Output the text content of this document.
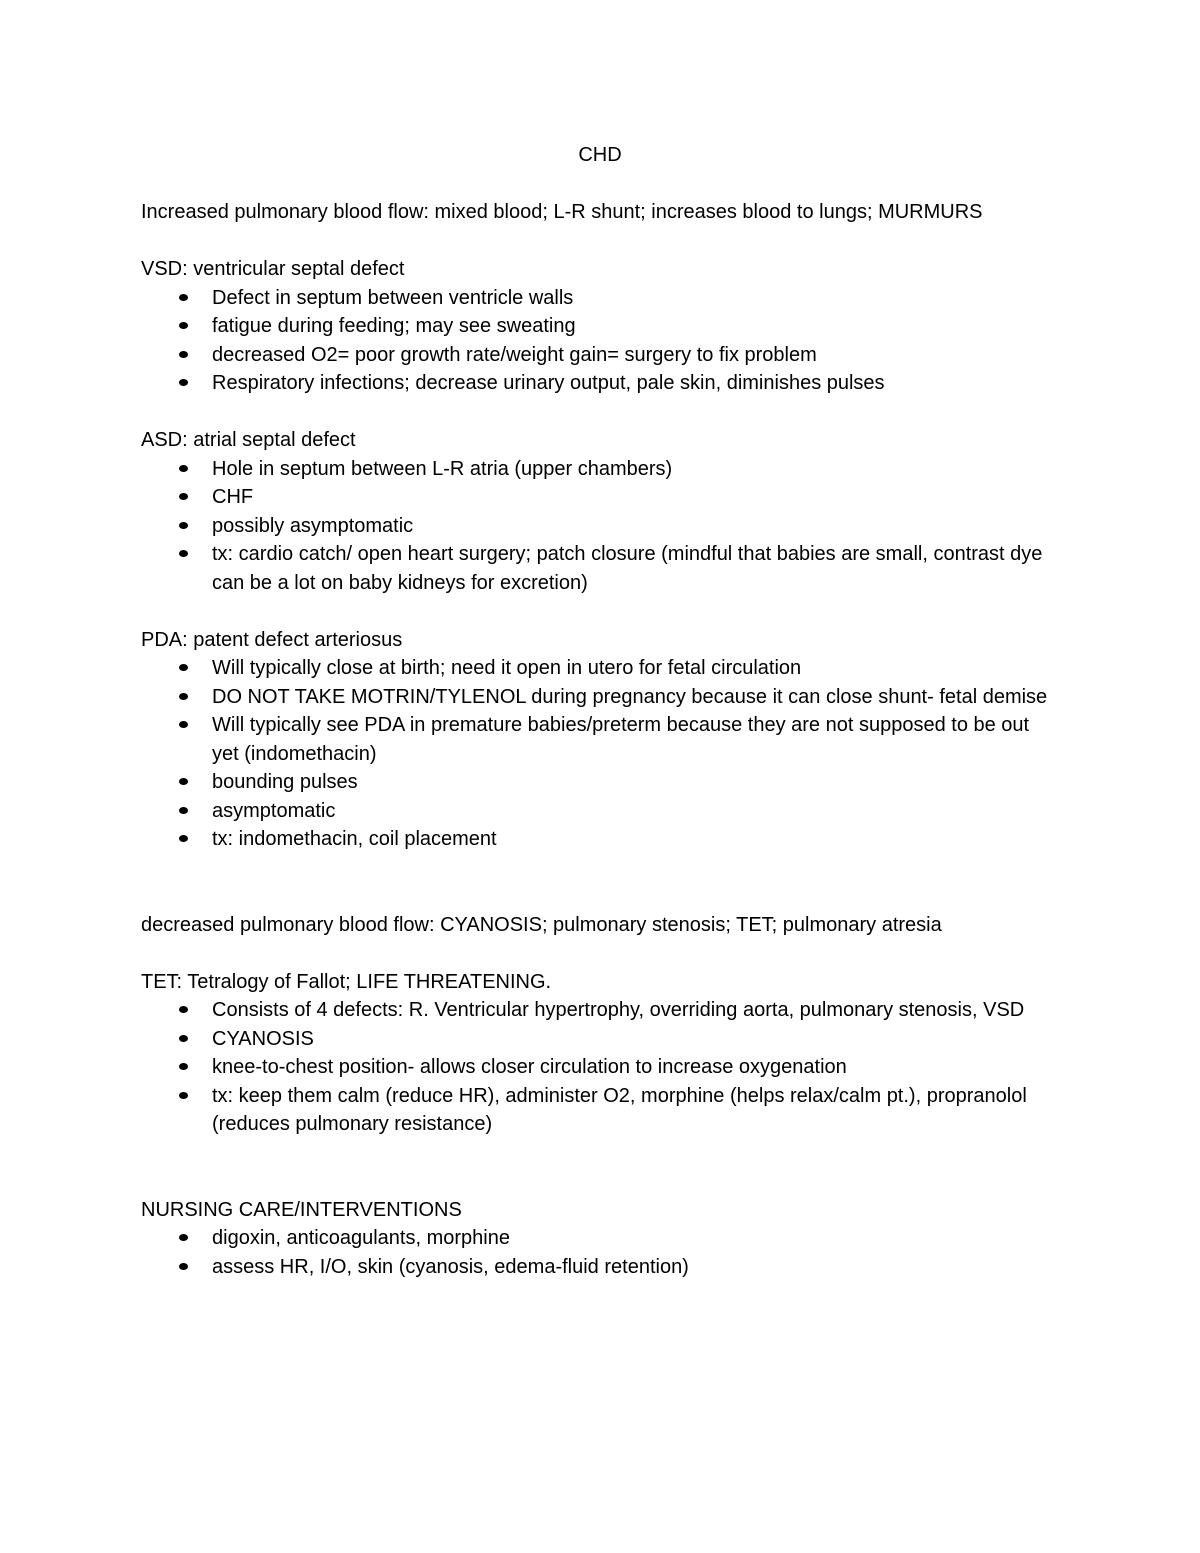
CHD

Increased pulmonary blood flow: mixed blood; L-R shunt; increases blood to lungs; MURMURS

VSD: ventricular septal defect

Defect in septum between ventricle walls
fatigue during feeding; may see sweating
decreased O2= poor growth rate/weight gain= surgery to fix problem
Respiratory infections; decrease urinary output, pale skin, diminishes pulses

ASD: atrial septal defect

Hole in septum between L-R atria (upper chambers)
CHF
possibly asymptomatic
tx: cardio catch/ open heart surgery; patch closure (mindful that babies are small, contrast dye can be a lot on baby kidneys for excretion)

PDA: patent defect arteriosus

Will typically close at birth; need it open in utero for fetal circulation
DO NOT TAKE MOTRIN/TYLENOL during pregnancy because it can close shunt- fetal demise
Will typically see PDA in premature babies/preterm because they are not supposed to be out yet (indomethacin)
bounding pulses
asymptomatic
tx: indomethacin, coil placement

decreased pulmonary blood flow: CYANOSIS; pulmonary stenosis; TET; pulmonary atresia

TET: Tetralogy of Fallot; LIFE THREATENING.

Consists of 4 defects: R. Ventricular hypertrophy, overriding aorta, pulmonary stenosis, VSD
CYANOSIS
knee-to-chest position- allows closer circulation to increase oxygenation
tx: keep them calm (reduce HR), administer O2, morphine (helps relax/calm pt.), propranolol (reduces pulmonary resistance)

NURSING CARE/INTERVENTIONS

digoxin, anticoagulants, morphine
assess HR, I/O, skin (cyanosis, edema-fluid retention)
